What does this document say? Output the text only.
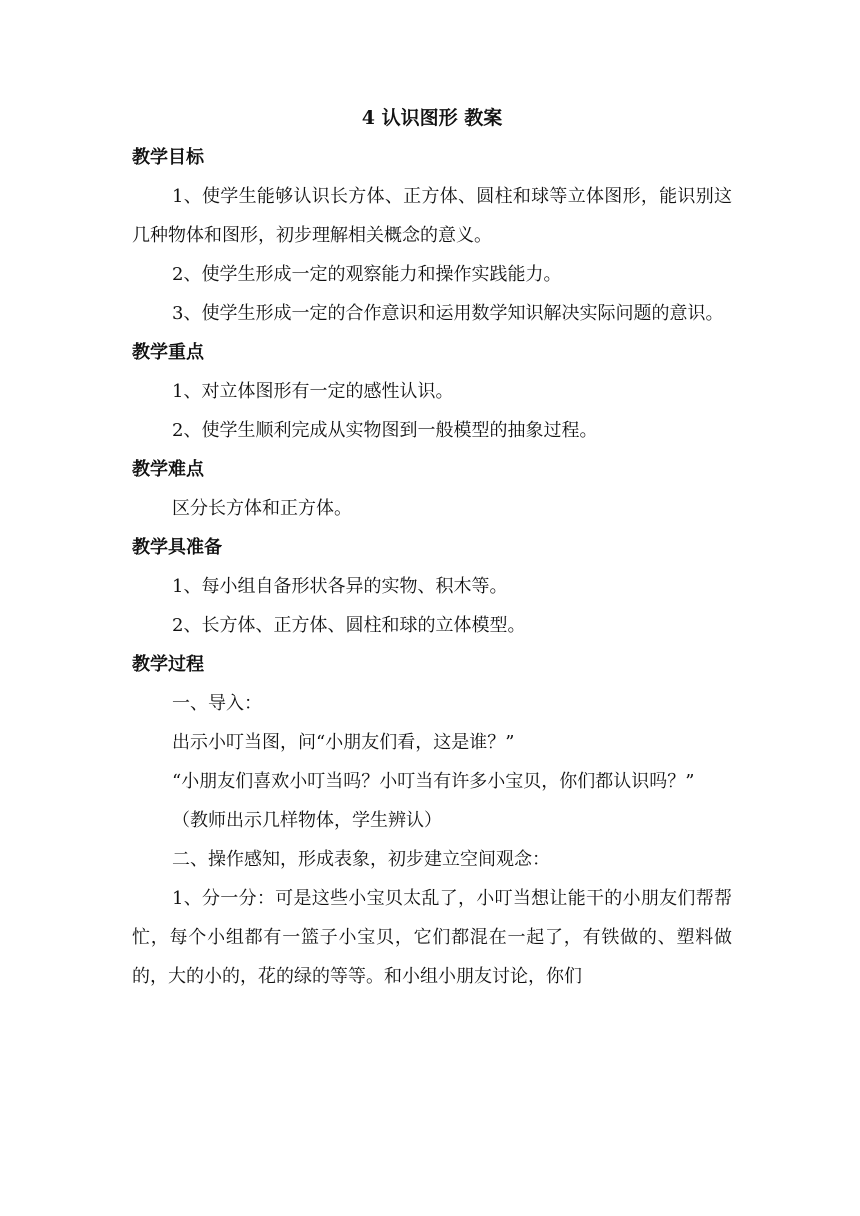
4 认识图形 教案

教学目标

1、使学生能够认识长方体、正方体、圆柱和球等立体图形，能识别这几种物体和图形，初步理解相关概念的意义。

2、使学生形成一定的观察能力和操作实践能力。

3、使学生形成一定的合作意识和运用数学知识解决实际问题的意识。

教学重点

1、对立体图形有一定的感性认识。

2、使学生顺利完成从实物图到一般模型的抽象过程。

教学难点

区分长方体和正方体。

教学具准备

1、每小组自备形状各异的实物、积木等。

2、长方体、正方体、圆柱和球的立体模型。

教学过程

一、导入：

出示小叮当图，问“小朋友们看，这是谁？”

“小朋友们喜欢小叮当吗？小叮当有许多小宝贝，你们都认识吗？”

（教师出示几样物体，学生辨认）

二、操作感知，形成表象，初步建立空间观念：

1、分一分：可是这些小宝贝太乱了，小叮当想让能干的小朋友们帮帮忙，每个小组都有一篮子小宝贝，它们都混在一起了，有铁做的、塑料做的，大的小的，花的绿的等等。和小组小朋友讨论，你们
